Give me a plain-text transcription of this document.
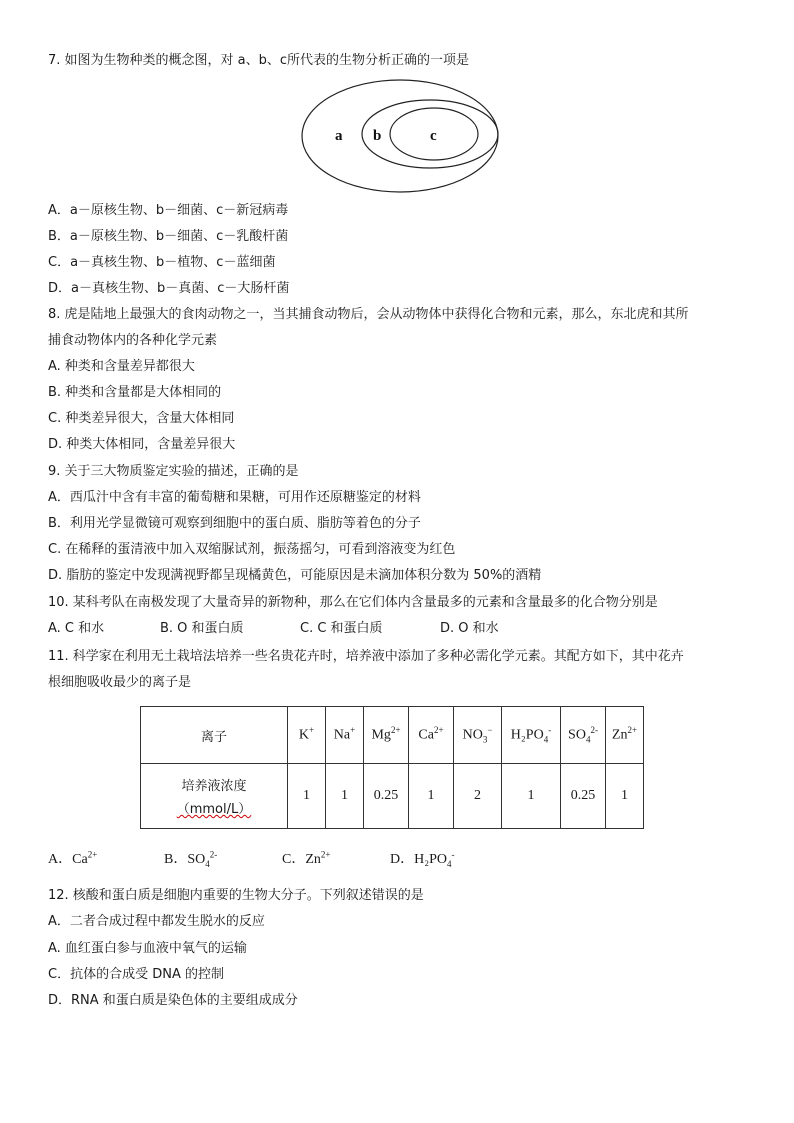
7. 如图为生物种类的概念图，对 a、b、c所代表的生物分析正确的一项是
a b	c
A．a－原核生物、b－细菌、c－新冠病毒
B．a－原核生物、b－细菌、c－乳酸杆菌
C．a－真核生物、b－植物、c－蓝细菌
D．a－真核生物、b－真菌、c－大肠杆菌
8. 虎是陆地上最强大的食肉动物之一，当其捕食动物后，会从动物体中获得化合物和元素，那么，东北虎和其所
捕食动物体内的各种化学元素
A. 种类和含量差异都很大
B. 种类和含量都是大体相同的
C. 种类差异很大，含量大体相同
D. 种类大体相同，含量差异很大
9. 关于三大物质鉴定实验的描述，正确的是
A．西瓜汁中含有丰富的葡萄糖和果糖，可用作还原糖鉴定的材料
B．利用光学显微镜可观察到细胞中的蛋白质、脂肪等着色的分子
C. 在稀释的蛋清液中加入双缩脲试剂，振荡摇匀，可看到溶液变为红色
D. 脂肪的鉴定中发现满视野都呈现橘黄色，可能原因是未滴加体积分数为 50%的酒精
10. 某科考队在南极发现了大量奇异的新物种，那么在它们体内含量最多的元素和含量最多的化合物分别是
A. C 和水	B. O 和蛋白质	C. C 和蛋白质	D. O 和水
11. 科学家在利用无土栽培法培养一些名贵花卉时，培养液中添加了多种必需化学元素。其配方如下，其中花卉
根细胞吸收最少的离子是
离子	K+	Na+	$Mg^{2+}$	$Ca^{2+}$	$NO_3^-$	$H_2PO_4^-$	$SO_4^{2-}$	$Zn^{2+}$

培养液浓度
（mmol/L）	1	1	0.25	1	2	1	0.25	1
A．$Ca^{2+}$	B．$SO_4^{2-}$	C．$Zn^{2+}$	D．$H_2PO_4^-$
12. 核酸和蛋白质是细胞内重要的生物大分子。下列叙述错误的是
A．二者合成过程中都发生脱水的反应
A. 血红蛋白参与血液中氧气的运输
C．抗体的合成受 DNA 的控制
D．RNA 和蛋白质是染色体的主要组成成分
